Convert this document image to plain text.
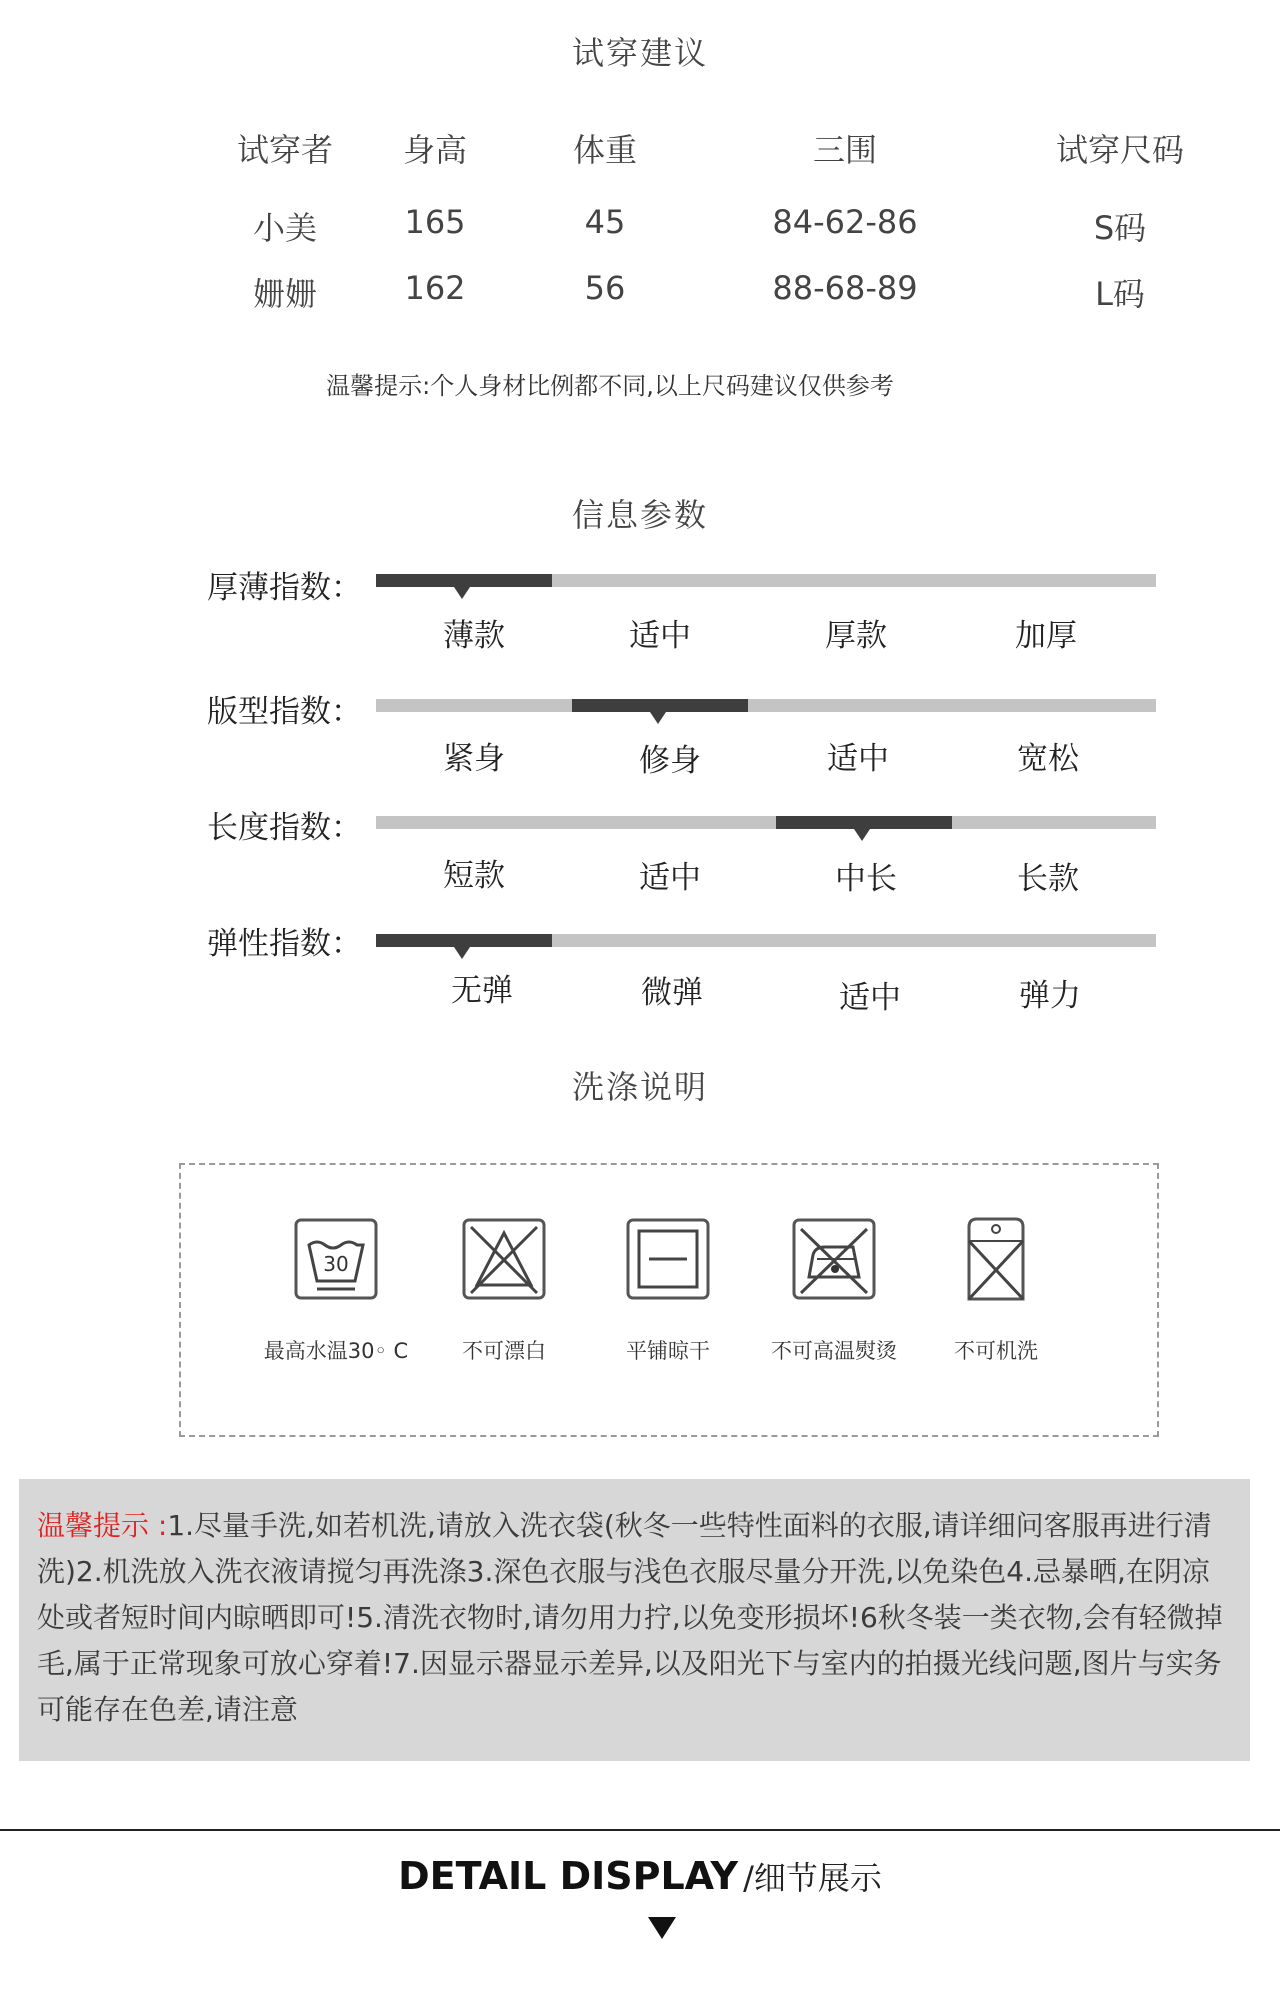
试穿建议
试穿者	身高	体重	三围	试穿尺码
小美	165	45	84-62-86	S码
姗姗	162	56	88-68-89	L码
温馨提示:个人身材比例都不同,以上尺码建议仅供参考
信息参数
厚薄指数：
薄款	适中	厚款	加厚
版型指数：
紧身	修身	适中	宽松
长度指数：
短款	适中	中长	长款
弹性指数：
无弹	微弹	适中	弹力
洗涤说明
30
最高水温30◦ C	不可漂白	平铺晾干	不可高温熨烫	不可机洗
温馨提示 :1.尽量手洗,如若机洗,请放入洗衣袋(秋冬一些特性面料的衣服,请详细问客服再进行清洗)2.机洗放入洗衣液请搅匀再洗涤3.深色衣服与浅色衣服尽量分开洗,以免染色4.忌暴晒,在阴凉处或者短时间内晾晒即可!5.清洗衣物时,请勿用力拧,以免变形损坏!6秋冬装一类衣物,会有轻微掉毛,属于正常现象可放心穿着!7.因显示器显示差异,以及阳光下与室内的拍摄光线问题,图片与实务可能存在色差,请注意
DETAIL DISPLAY /细节展示
